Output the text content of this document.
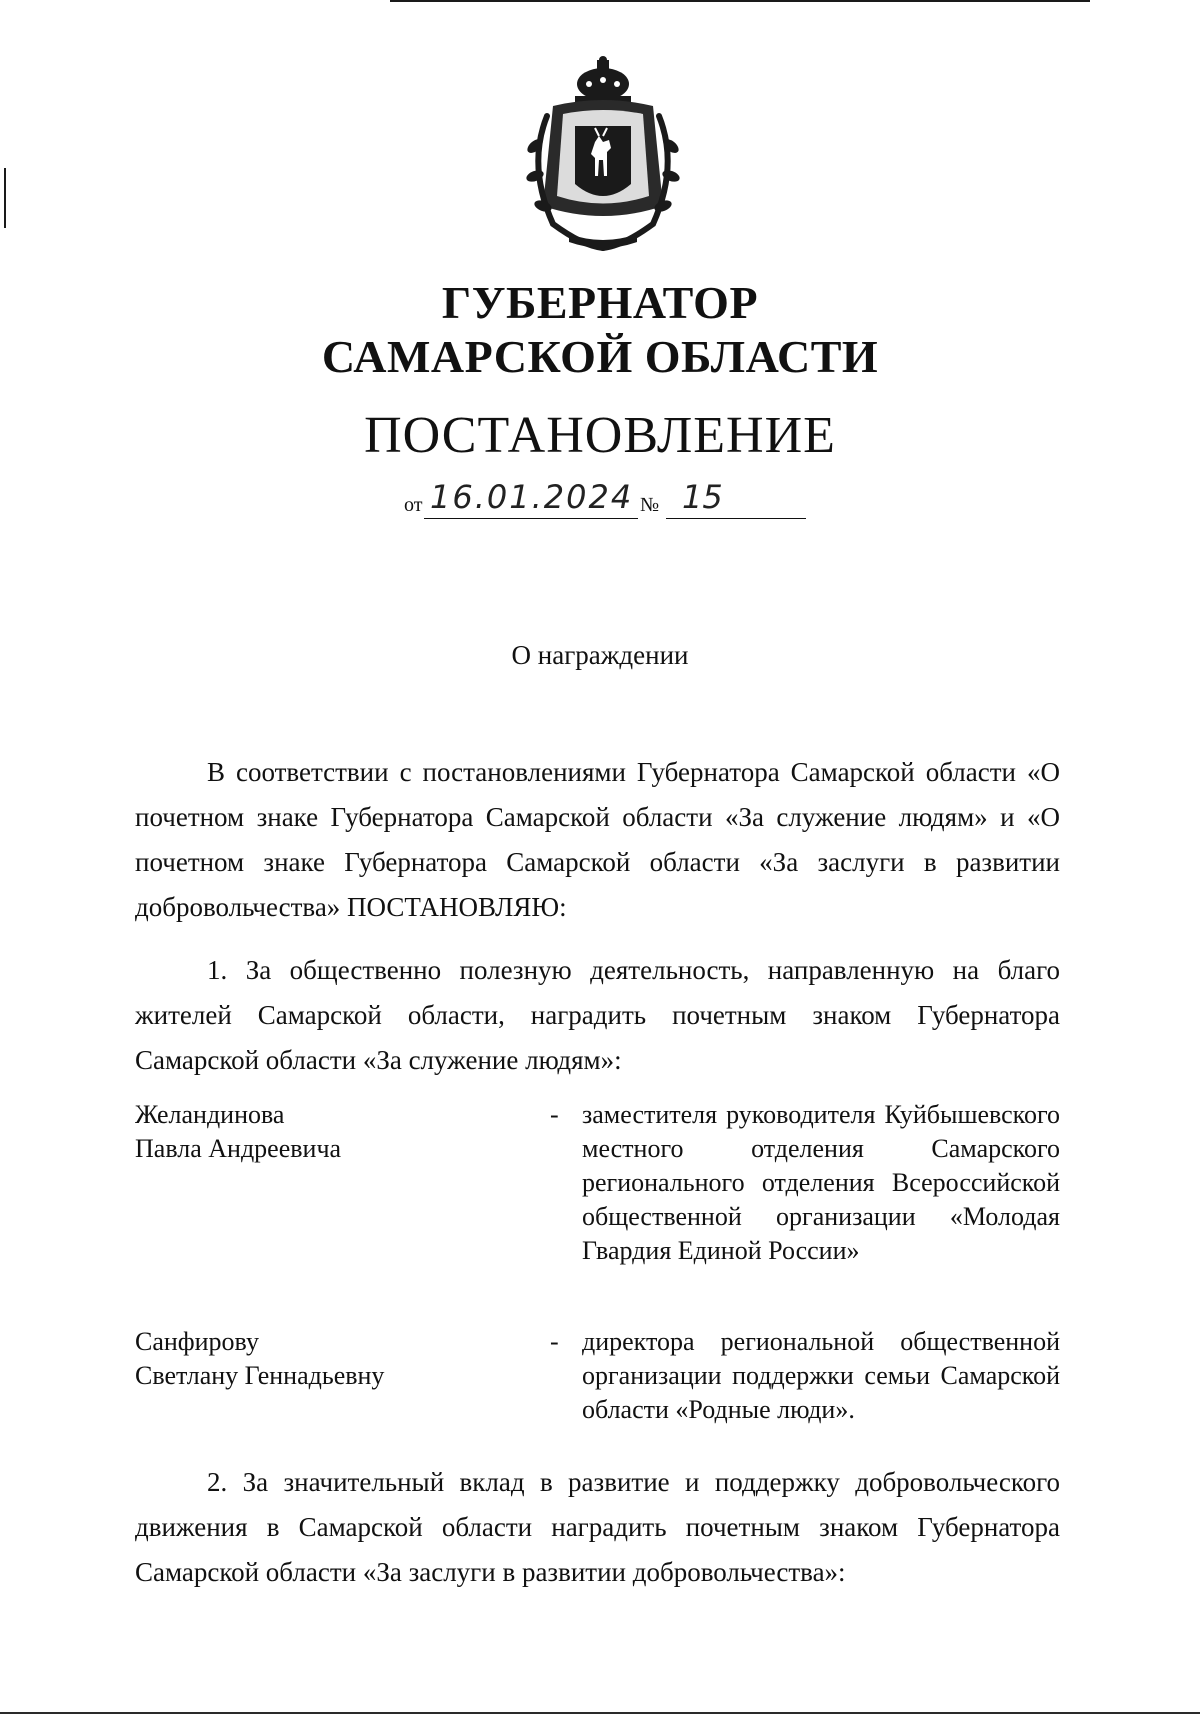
ГУБЕРНАТОР
САМАРСКОЙ ОБЛАСТИ
ПОСТАНОВЛЕНИЕ
от 16.01.2024 № 15
О награждении

В соответствии с постановлениями Губернатора Самарской области «О почетном знаке Губернатора Самарской области «За служение людям» и «О почетном знаке Губернатора Самарской области «За заслуги в развитии добровольчества» ПОСТАНОВЛЯЮ:

1. За общественно полезную деятельность, направленную на благо жителей Самарской области, наградить почетным знаком Губернатора Самарской области «За служение людям»:

Желандинова
Павла Андреевича
- заместителя руководителя Куйбышевского местного отделения Самарского регионального отделения Всероссийской общественной организации «Молодая Гвардия Единой России»
Санфирову
Светлану Геннадьевну
- директора региональной общественной организации поддержки семьи Самарской области «Родные люди».

2. За значительный вклад в развитие и поддержку добровольческого движения в Самарской области наградить почетным знаком Губернатора Самарской области «За заслуги в развитии добровольчества»:
